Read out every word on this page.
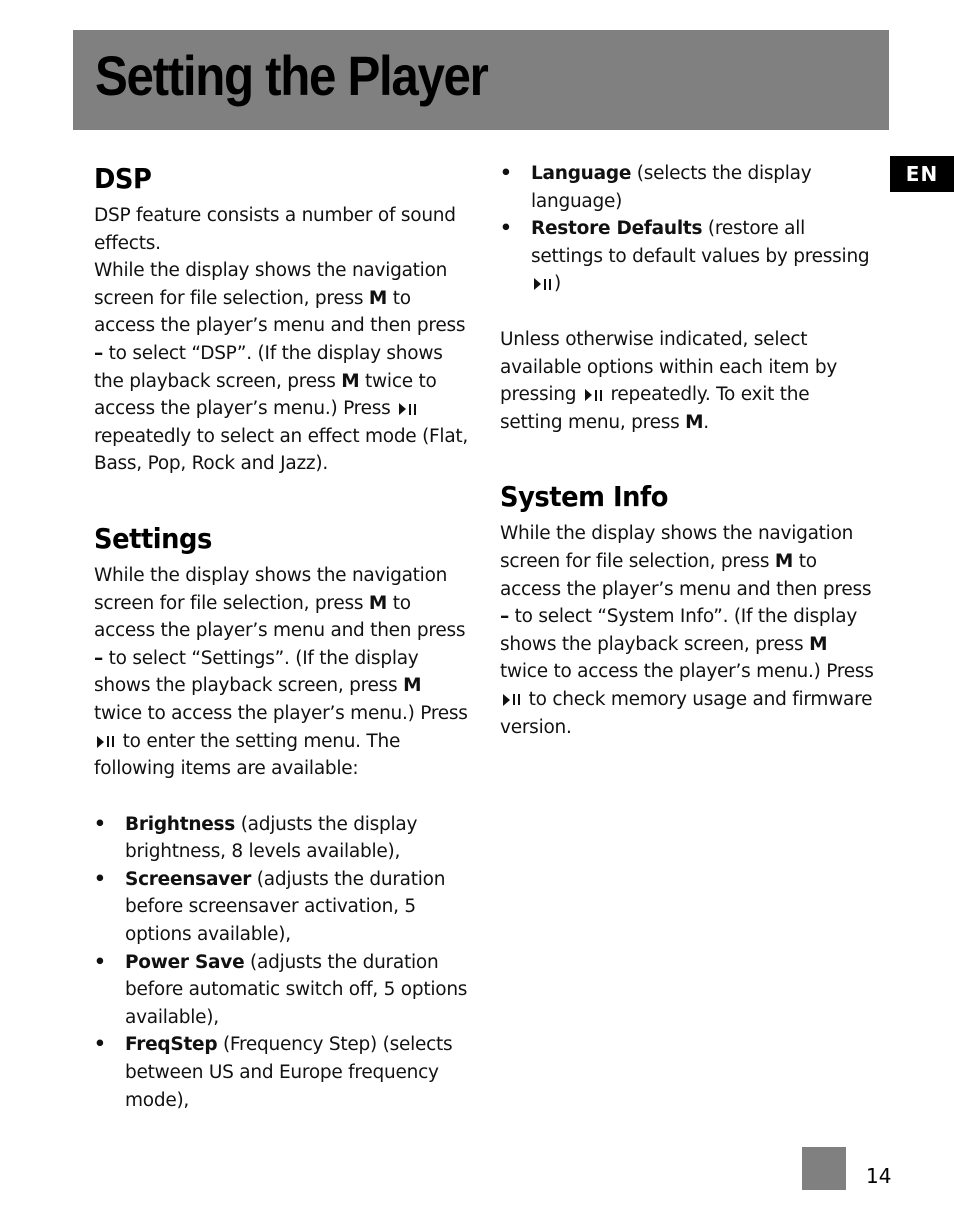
Setting the Player
EN
DSP

DSP feature consists a number of sound effects.

While the display shows the navigation screen for file selection, press M to access the player’s menu and then press – to select “DSP”. (If the display shows the playback screen, press M twice to access the player’s menu.) Press
repeatedly to select an effect mode (Flat, Bass, Pop, Rock and Jazz).

Settings

While the display shows the navigation screen for file selection, press M to access the player’s menu and then press – to select “Settings”. (If the display shows the playback screen, press M twice to access the player’s menu.) Press
to enter the setting menu. The following items are available:

• Brightness (adjusts the display brightness, 8 levels available),
• Screensaver (adjusts the duration before screensaver activation, 5 options available),
• Power Save (adjusts the duration before automatic switch off, 5 options available),
• FreqStep (Frequency Step) (selects between US and Europe frequency mode),
• Language (selects the display language)
• Restore Defaults (restore all settings to default values by pressing
)

Unless otherwise indicated, select available options within each item by pressing
repeatedly. To exit the setting menu, press M.

System Info

While the display shows the navigation screen for file selection, press M to access the player’s menu and then press – to select “System Info”. (If the display shows the playback screen, press M twice to access the player’s menu.) Press
to check memory usage and firmware version.

14
